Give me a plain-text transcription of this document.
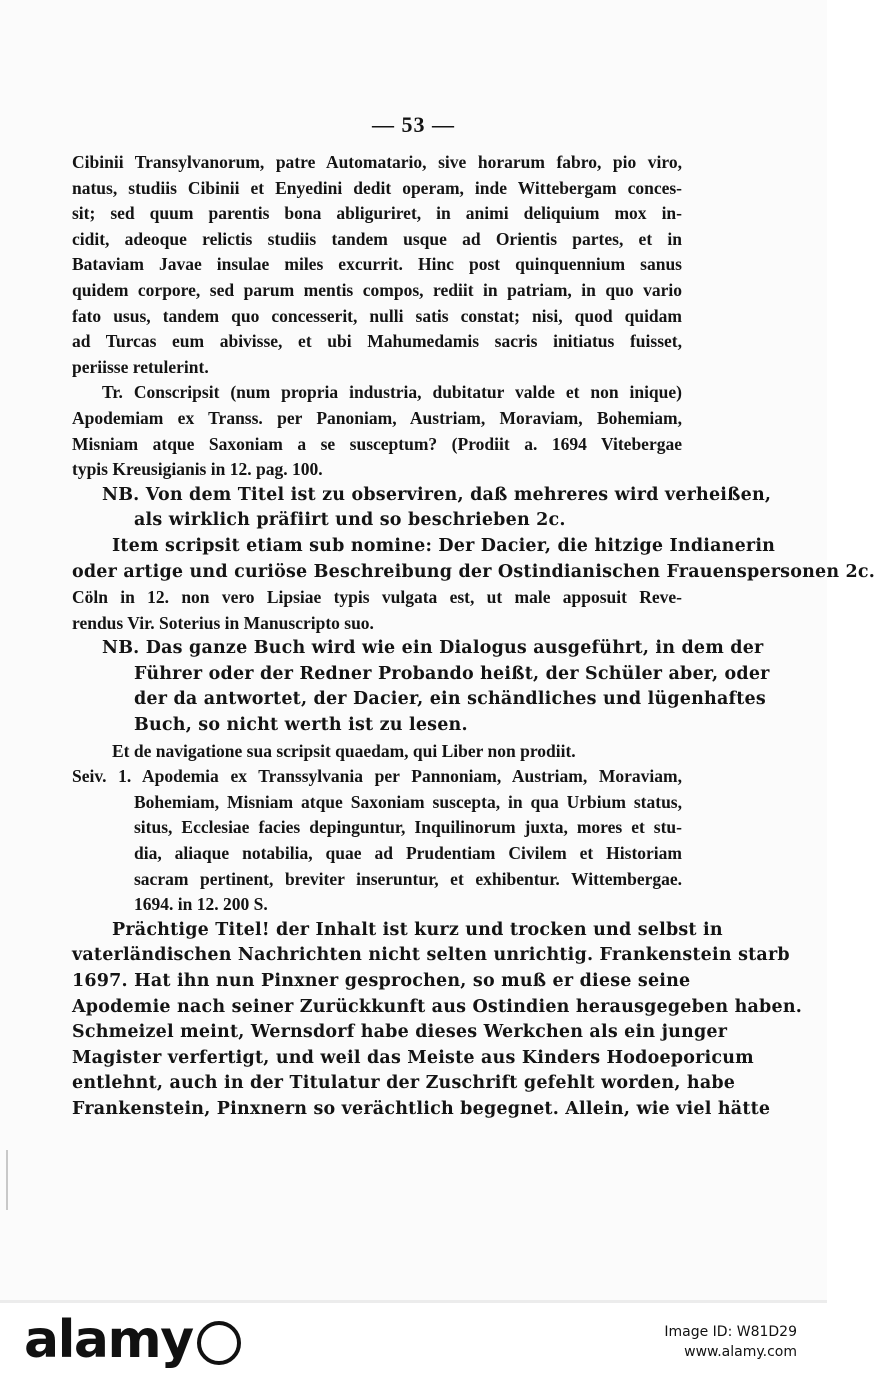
— 53 —
Cibinii Transylvanorum, patre Automatario, sive horarum fabro, pio viro,
natus, studiis Cibinii et Enyedini dedit operam, inde Wittebergam conces-
sit; sed quum parentis bona abliguriret, in animi deliquium mox in-
cidit, adeoque relictis studiis tandem usque ad Orientis partes, et in
Bataviam Javae insulae miles excurrit. Hinc post quinquennium sanus
quidem corpore, sed parum mentis compos, rediit in patriam, in quo vario
fato usus, tandem quo concesserit, nulli satis constat; nisi, quod quidam
ad Turcas eum abivisse, et ubi Mahumedamis sacris initiatus fuisset,
periisse retulerint.
Tr. Conscripsit (num propria industria, dubitatur valde et non inique)
Apodemiam ex Transs. per Panoniam, Austriam, Moraviam, Bohemiam,
Misniam atque Saxoniam a se susceptum? (Prodiit a. 1694 Vitebergae
typis Kreusigianis in 12. pag. 100.
NB. Von dem Titel ist zu observiren, daß mehreres wird verheißen,
als wirklich präfiirt und so beschrieben 2c.
Item scripsit etiam sub nomine: Der Dacier, die hitzige Indianerin
oder artige und curiöse Beschreibung der Ostindianischen Frauenspersonen 2c.
Cöln in 12. non vero Lipsiae typis vulgata est, ut male apposuit Reve-
rendus Vir. Soterius in Manuscripto suo.
NB. Das ganze Buch wird wie ein Dialogus ausgeführt, in dem der
Führer oder der Redner Probando heißt, der Schüler aber, oder
der da antwortet, der Dacier, ein schändliches und lügenhaftes
Buch, so nicht werth ist zu lesen.
Et de navigatione sua scripsit quaedam, qui Liber non prodiit.
Seiv. 1. Apodemia ex Transsylvania per Pannoniam, Austriam, Moraviam,
Bohemiam, Misniam atque Saxoniam suscepta, in qua Urbium status,
situs, Ecclesiae facies depinguntur, Inquilinorum juxta, mores et stu-
dia, aliaque notabilia, quae ad Prudentiam Civilem et Historiam
sacram pertinent, breviter inseruntur, et exhibentur. Wittembergae.
1694. in 12. 200 S.
Prächtige Titel! der Inhalt ist kurz und trocken und selbst in
vaterländischen Nachrichten nicht selten unrichtig. Frankenstein starb
1697. Hat ihn nun Pinxner gesprochen, so muß er diese seine
Apodemie nach seiner Zurückkunft aus Ostindien herausgegeben haben.
Schmeizel meint, Wernsdorf habe dieses Werkchen als ein junger
Magister verfertigt, und weil das Meiste aus Kinders Hodoeporicum
entlehnt, auch in der Titulatur der Zuschrift gefehlt worden, habe
Frankenstein, Pinxnern so verächtlich begegnet. Allein, wie viel hätte
alamy	Image ID: W81D29
www.alamy.com
